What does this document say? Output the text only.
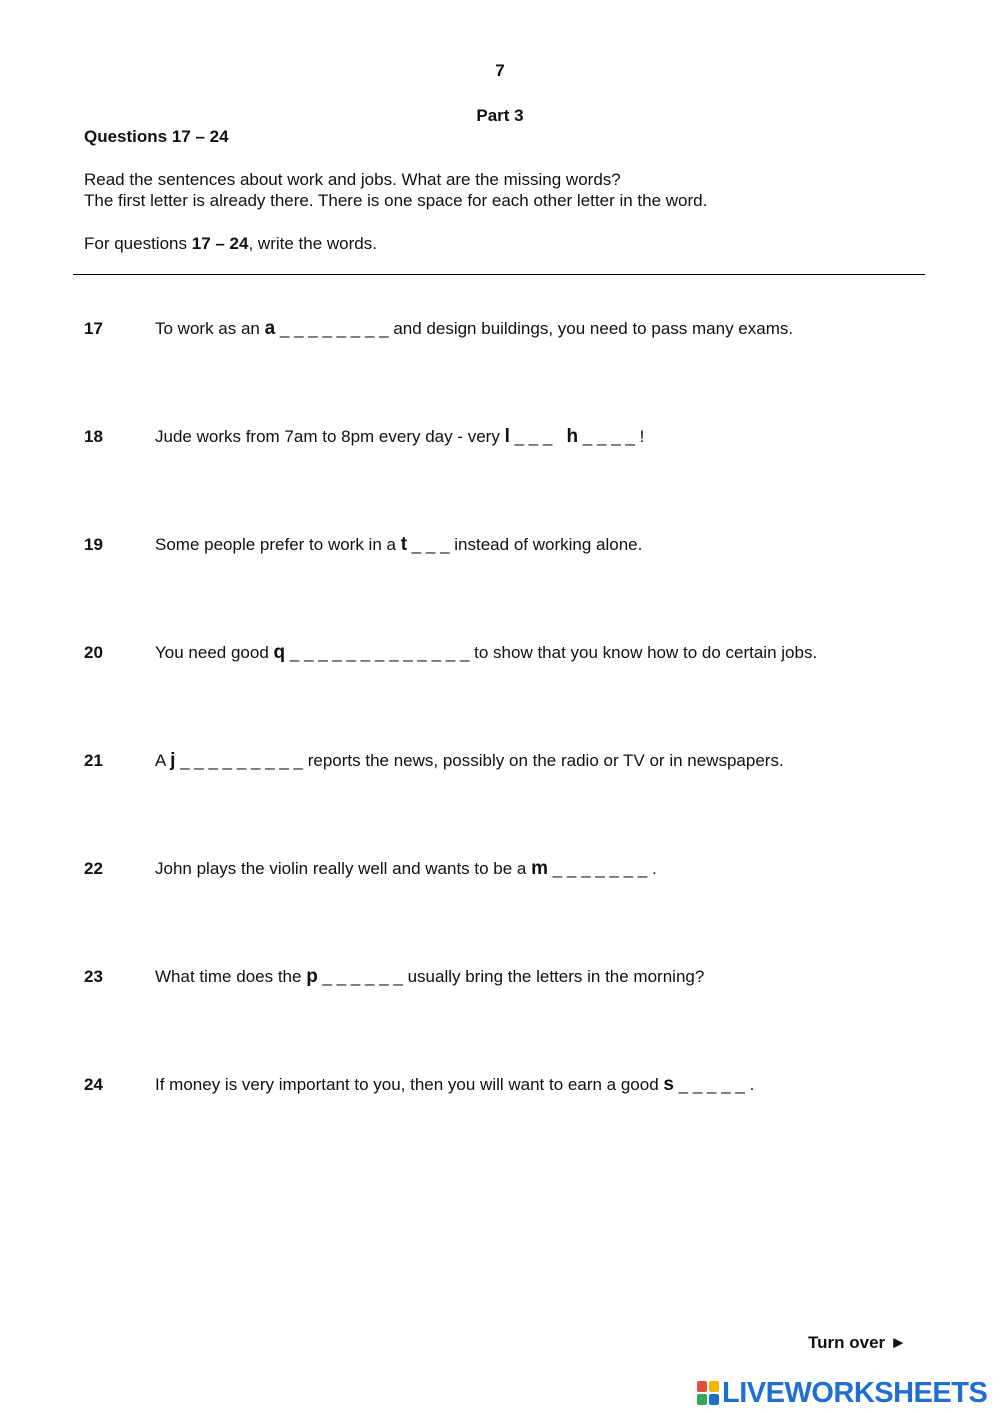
7
Part 3
Questions 17 – 24
Read the sentences about work and jobs. What are the missing words?
The first letter is already there. There is one space for each other letter in the word.
For questions 17 – 24, write the words.
17	To work as an a _ _ _ _ _ _ _ _ and design buildings, you need to pass many exams.
18	Jude works from 7am to 8pm every day - very l _ _ _   h _ _ _ _ !
19	Some people prefer to work in a t _ _ _ instead of working alone.
20	You need good q _ _ _ _ _ _ _ _ _ _ _ _ _ to show that you know how to do certain jobs.
21	A j _ _ _ _ _ _ _ _ _ reports the news, possibly on the radio or TV or in newspapers.
22	John plays the violin really well and wants to be a m _ _ _ _ _ _ _ .
23	What time does the p _ _ _ _ _ _ usually bring the letters in the morning?
24	If money is very important to you, then you will want to earn a good s _ _ _ _ _ .
Turn over ►
LIVEWORKSHEETS
